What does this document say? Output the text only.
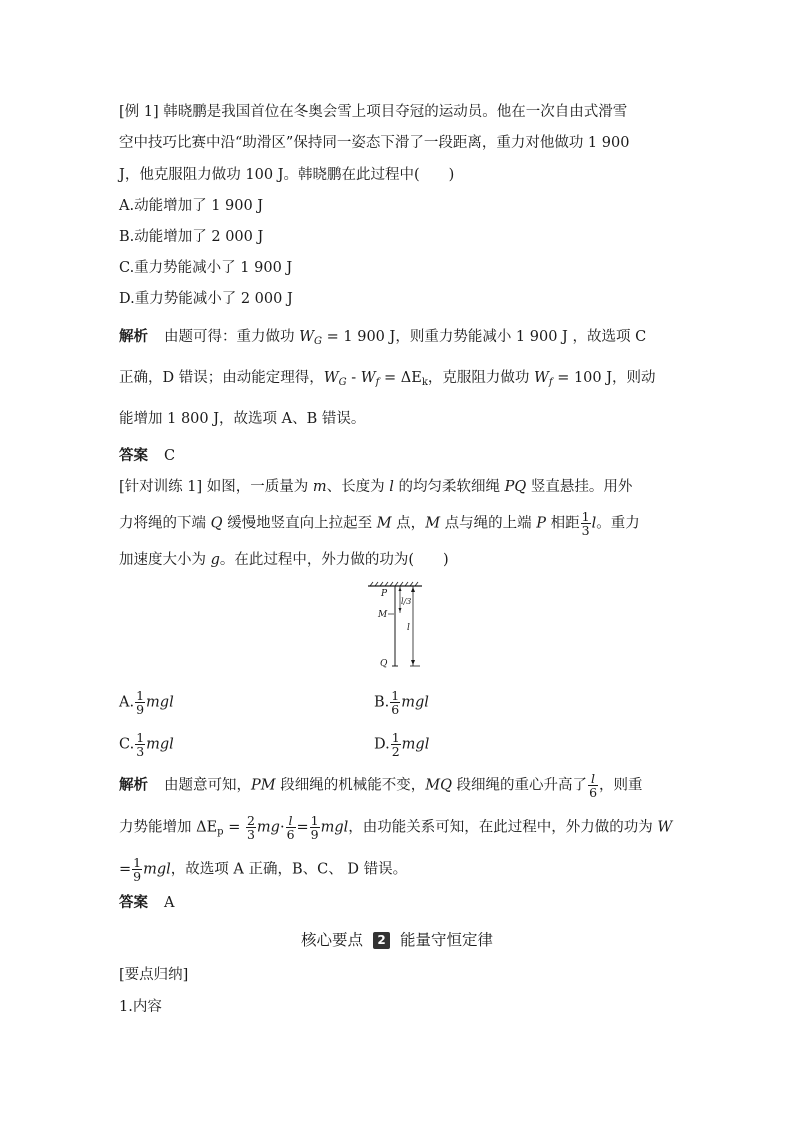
[例 1] 韩晓鹏是我国首位在冬奥会雪上项目夺冠的运动员。他在一次自由式滑雪
空中技巧比赛中沿“助滑区”保持同一姿态下滑了一段距离，重力对他做功 1 900
J，他克服阻力做功 100 J。韩晓鹏在此过程中(　　)
A.动能增加了 1 900 J
B.动能增加了 2 000 J
C.重力势能减小了 1 900 J
D.重力势能减小了 2 000 J
解析 由题可得：重力做功 $W_G = 1$ 900 J，则重力势能减小 1 900 J ，故选项 C
正确，D 错误；由动能定理得，$W_G - W_f = \Delta E_k$，克服阻力做功 $W_f = 100$ J，则动
能增加 1 800 J，故选项 A、B 错误。
答案 C
[针对训练 1] 如图，一质量为 m、长度为 l 的均匀柔软细绳 PQ 竖直悬挂。用外
力将绳的下端 Q 缓慢地竖直向上拉起至 M 点，M 点与绳的上端 P 相距 $\frac{1}{3}$ l。重力
加速度大小为 g。在此过程中，外力做的功为(　　)
l/3
l
P
M
Q
A. $\frac{1}{9}$ mgl	B. $\frac{1}{6}$ mgl
C. $\frac{1}{3}$ mgl	D. $\frac{1}{2}$ mgl
解析 由题意可知，PM 段细绳的机械能不变，MQ 段细绳的重心升高了 $\frac{l}{6}$ ，则重
力势能增加 $\Delta E_p = \frac{2}{3} mg\cdot \frac{l}{6} = \frac{1}{9}$ mgl，由功能关系可知，在此过程中，外力做的功为 W
= $\frac{1}{9}$ mgl，故选项 A 正确，B、C、 D 错误。
答案 A
核心要点 2 能量守恒定律
[要点归纳]
1.内容
